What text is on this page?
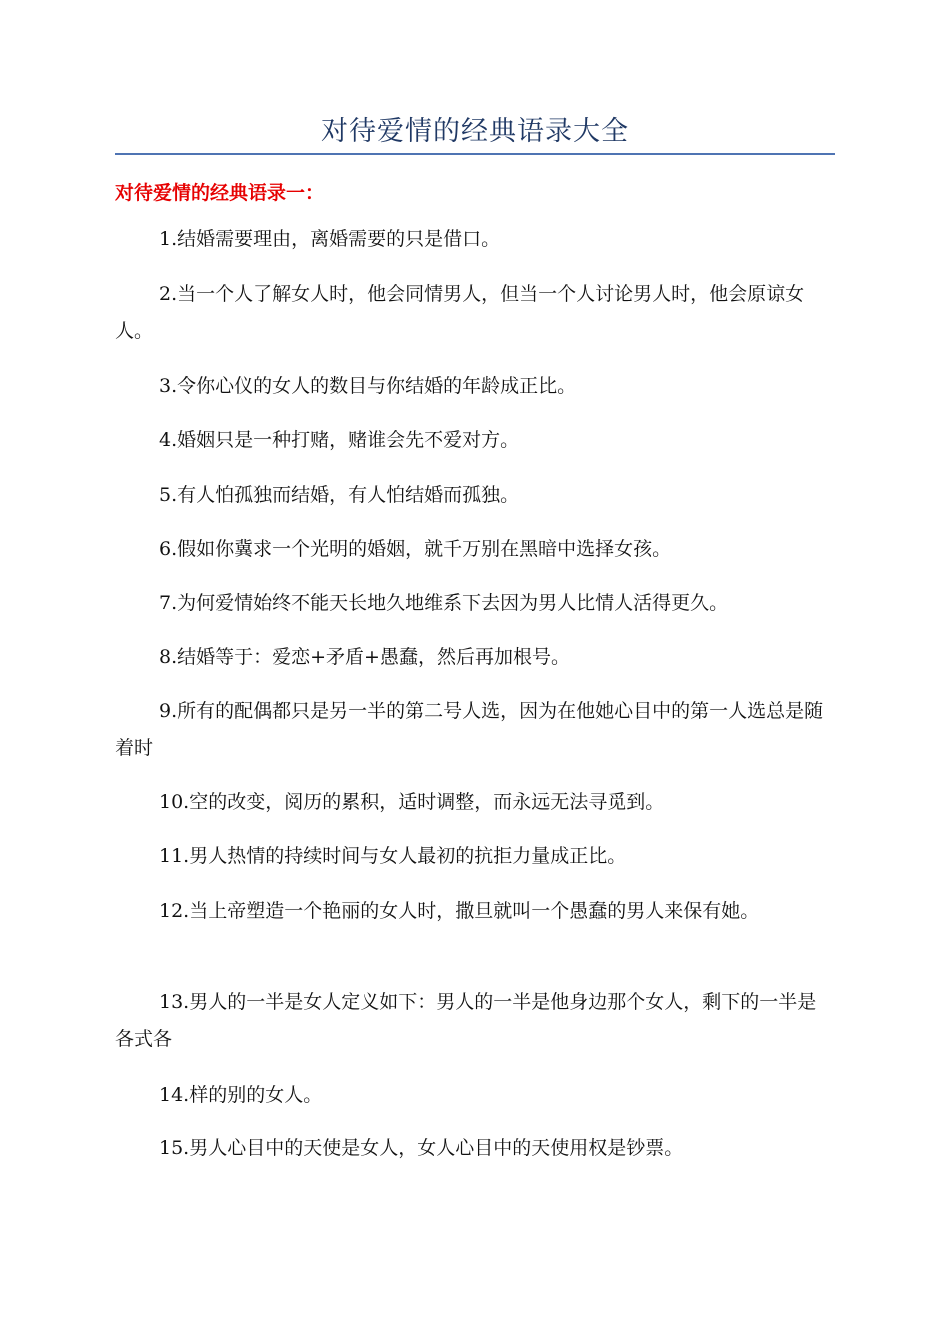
对待爱情的经典语录大全
对待爱情的经典语录一：

1.结婚需要理由，离婚需要的只是借口。

2.当一个人了解女人时，他会同情男人，但当一个人讨论男人时，他会原谅女人。

3.令你心仪的女人的数目与你结婚的年龄成正比。

4.婚姻只是一种打赌，赌谁会先不爱对方。

5.有人怕孤独而结婚，有人怕结婚而孤独。

6.假如你冀求一个光明的婚姻，就千万别在黑暗中选择女孩。

7.为何爱情始终不能天长地久地维系下去因为男人比情人活得更久。

8.结婚等于：爱恋+矛盾+愚蠢，然后再加根号。

9.所有的配偶都只是另一半的第二号人选，因为在他她心目中的第一人选总是随着时

10.空的改变，阅历的累积，适时调整，而永远无法寻觅到。

11.男人热情的持续时间与女人最初的抗拒力量成正比。

12.当上帝塑造一个艳丽的女人时，撒旦就叫一个愚蠢的男人来保有她。

13.男人的一半是女人定义如下：男人的一半是他身边那个女人，剩下的一半是各式各

14.样的别的女人。

15.男人心目中的天使是女人，女人心目中的天使用权是钞票。
